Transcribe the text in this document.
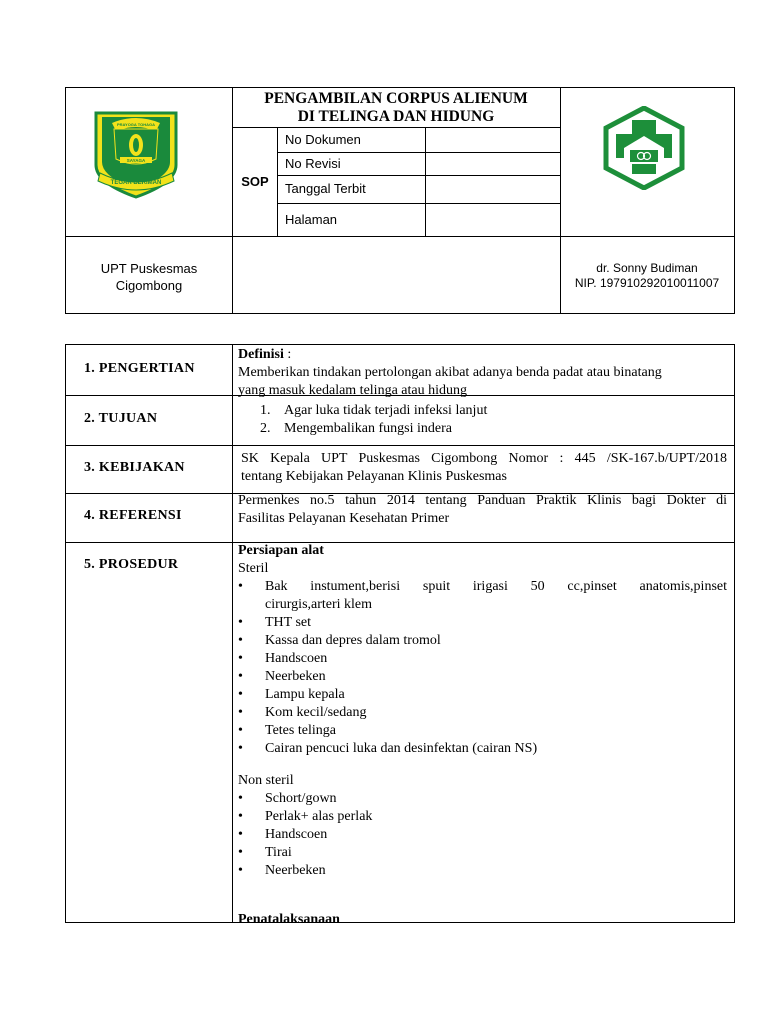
SAYAGA
PRAYOGA TOHAGA
TEGAR BERIMAN
PENGAMBILAN CORPUS ALIENUM
DI TELINGA DAN HIDUNG
SOP
No Dokumen
No Revisi
Tanggal Terbit
Halaman
UPT Puskesmas
Cigombong
dr. Sonny Budiman
NIP. 197910292010011007
1. PENGERTIAN
Definisi :
Memberikan tindakan pertolongan akibat adanya benda padat atau binatang
yang masuk kedalam telinga atau hidung
2. TUJUAN
1. Agar luka tidak terjadi infeksi lanjut
2. Mengembalikan fungsi indera
3. KEBIJAKAN
SK Kepala UPT Puskesmas Cigombong Nomor : 445 /SK-167.b/UPT/2018
tentang Kebijakan Pelayanan Klinis Puskesmas
4. REFERENSI
Permenkes no.5 tahun 2014 tentang Panduan Praktik Klinis bagi Dokter di
Fasilitas Pelayanan Kesehatan Primer
5. PROSEDUR
Persiapan alat
Steril
• Bak instument,berisi spuit irigasi 50 cc,pinset anatomis,pinset
cirurgis,arteri klem
• THT set
• Kassa dan depres dalam tromol
• Handscoen
• Neerbeken
• Lampu kepala
• Kom kecil/sedang
• Tetes telinga
• Cairan pencuci luka dan desinfektan (cairan NS)
Non steril
• Schort/gown
• Perlak+ alas perlak
• Handscoen
• Tirai
• Neerbeken
Penatalaksanaan
